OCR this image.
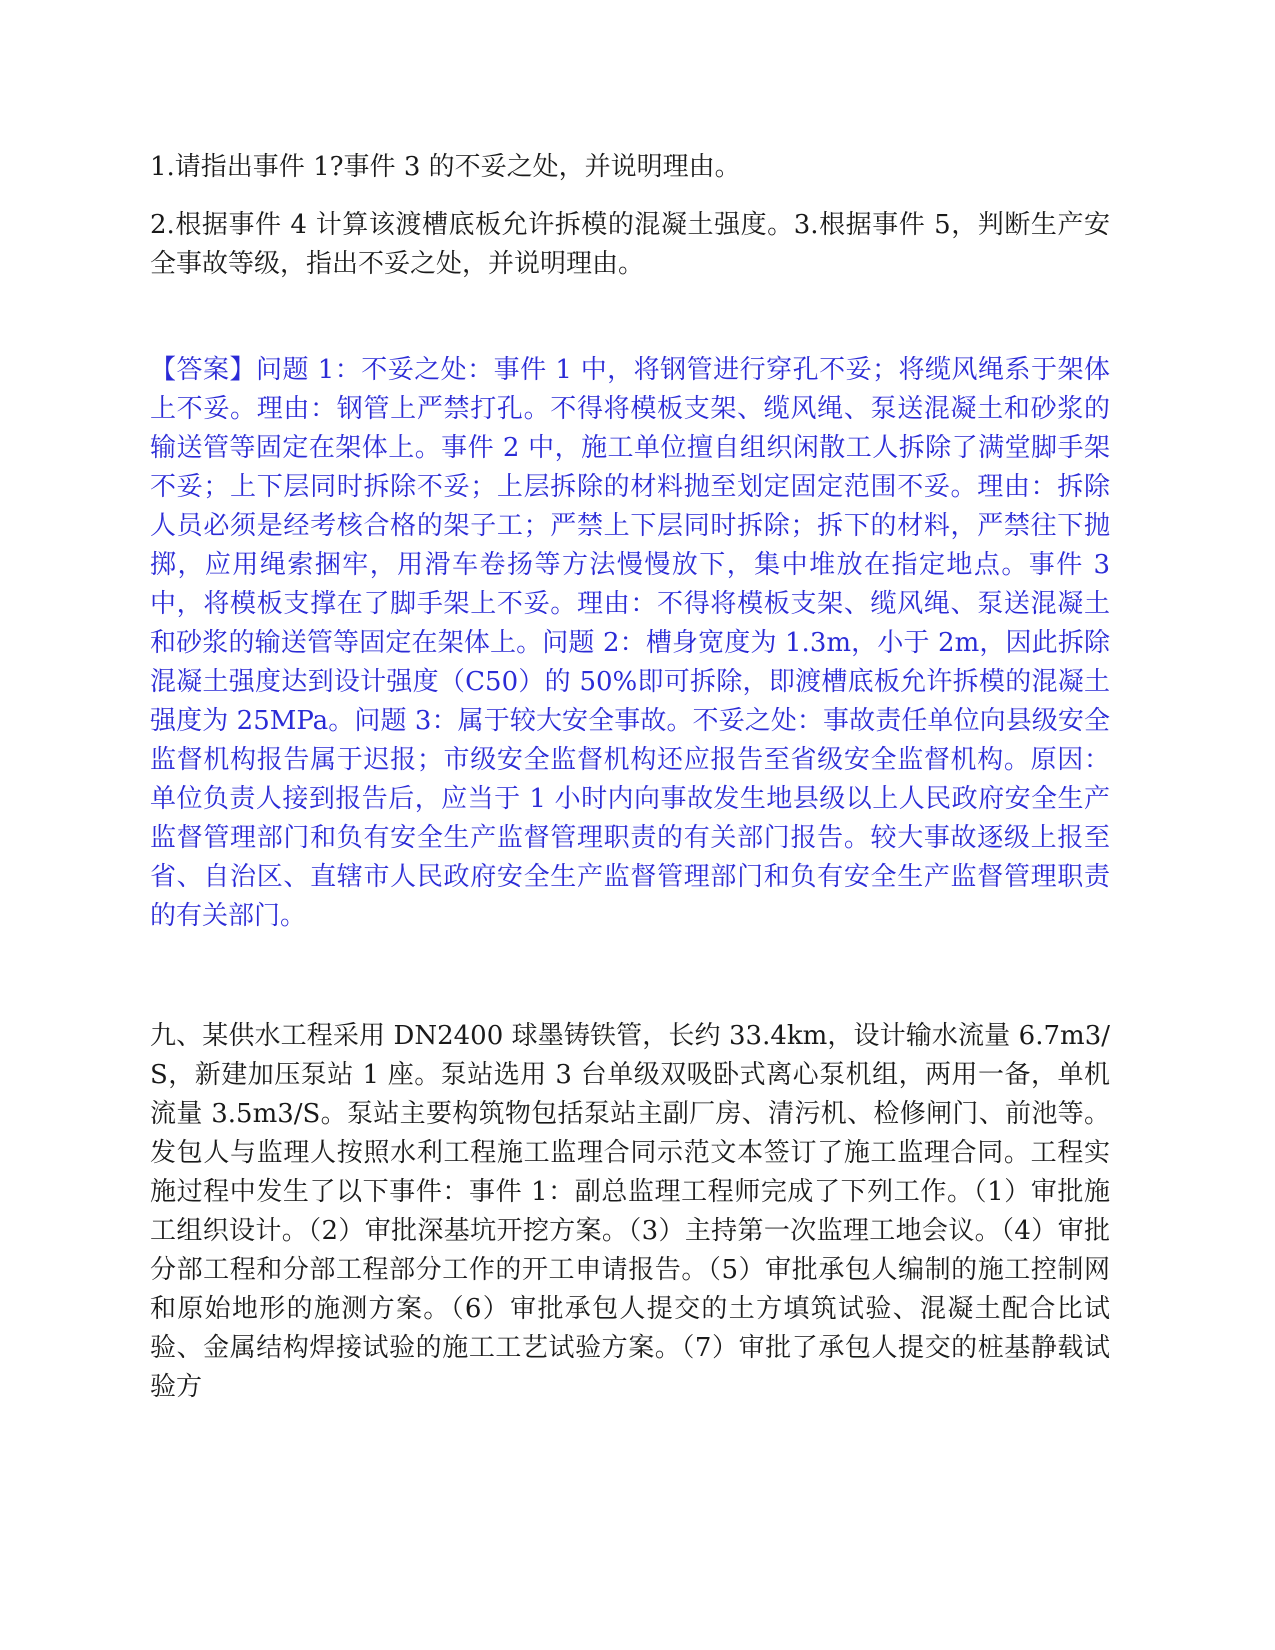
1.请指出事件 1?事件 3 的不妥之处，并说明理由。

2.根据事件 4 计算该渡槽底板允许拆模的混凝土强度。3.根据事件 5，判断生产安全事故等级，指出不妥之处，并说明理由。

【答案】问题 1：不妥之处：事件 1 中，将钢管进行穿孔不妥；将缆风绳系于架体上不妥。理由：钢管上严禁打孔。不得将模板支架、缆风绳、泵送混凝土和砂浆的输送管等固定在架体上。事件 2 中，施工单位擅自组织闲散工人拆除了满堂脚手架不妥；上下层同时拆除不妥；上层拆除的材料抛至划定固定范围不妥。理由：拆除人员必须是经考核合格的架子工；严禁上下层同时拆除；拆下的材料，严禁往下抛掷，应用绳索捆牢，用滑车卷扬等方法慢慢放下，集中堆放在指定地点。事件 3 中，将模板支撑在了脚手架上不妥。理由：不得将模板支架、缆风绳、泵送混凝土和砂浆的输送管等固定在架体上。问题 2：槽身宽度为 1.3m，小于 2m，因此拆除混凝土强度达到设计强度（C50）的 50%即可拆除，即渡槽底板允许拆模的混凝土强度为 25MPa。问题 3：属于较大安全事故。不妥之处：事故责任单位向县级安全监督机构报告属于迟报；市级安全监督机构还应报告至省级安全监督机构。原因：单位负责人接到报告后，应当于 1 小时内向事故发生地县级以上人民政府安全生产监督管理部门和负有安全生产监督管理职责的有关部门报告。较大事故逐级上报至省、自治区、直辖市人民政府安全生产监督管理部门和负有安全生产监督管理职责的有关部门。

九、某供水工程采用 DN2400 球墨铸铁管，长约 33.4km，设计输水流量 6.7m3/S，新建加压泵站 1 座。泵站选用 3 台单级双吸卧式离心泵机组，两用一备，单机流量 3.5m3/S。泵站主要构筑物包括泵站主副厂房、清污机、检修闸门、前池等。发包人与监理人按照水利工程施工监理合同示范文本签订了施工监理合同。工程实施过程中发生了以下事件：事件 1：副总监理工程师完成了下列工作。（1）审批施工组织设计。（2）审批深基坑开挖方案。（3）主持第一次监理工地会议。（4）审批分部工程和分部工程部分工作的开工申请报告。（5）审批承包人编制的施工控制网和原始地形的施测方案。（6）审批承包人提交的土方填筑试验、混凝土配合比试验、金属结构焊接试验的施工工艺试验方案。（7）审批了承包人提交的桩基静载试验方
